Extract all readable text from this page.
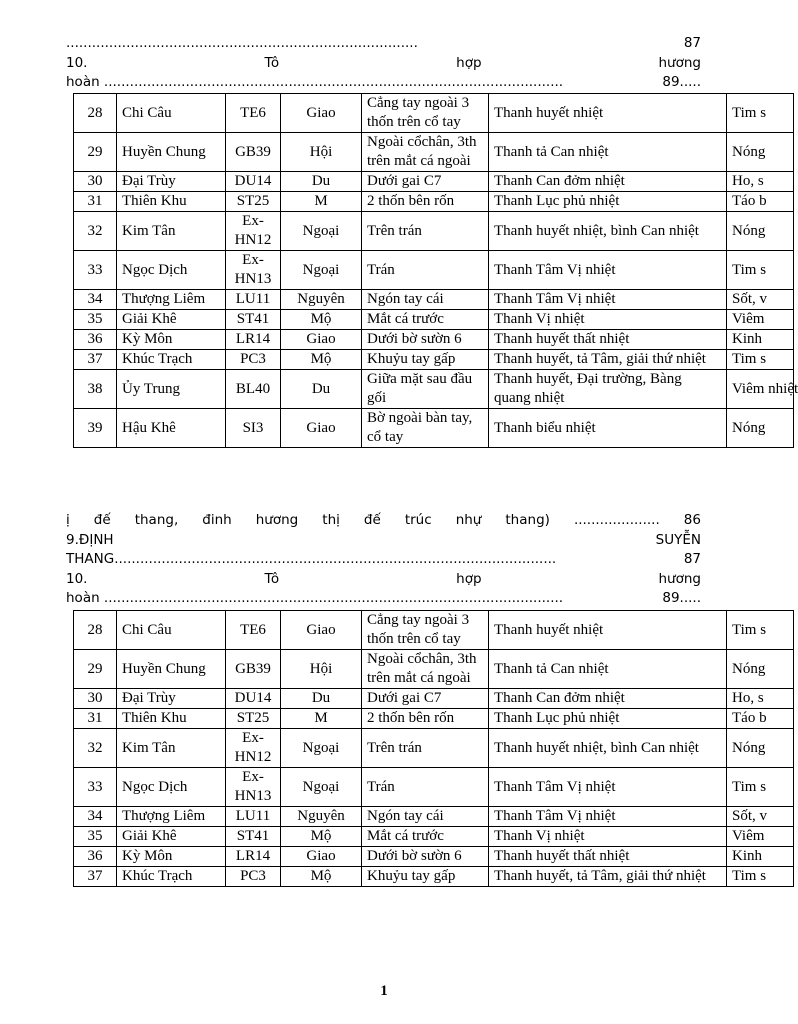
28	Chi Câu	TE6	Giao	Cẳng tay ngoài 3 thốn trên cổ tay	Thanh huyết nhiệt	Tim s
29	Huyền Chung	GB39	Hội	Ngoài cổchân, 3th trên mắt cá ngoài	Thanh tả Can nhiệt	Nóng
30	Đại Trùy	DU14	Du	Dưới gai C7	Thanh Can đởm nhiệt	Ho, s
31	Thiên Khu	ST25	M	2 thốn bên rốn	Thanh Lục phủ nhiệt	Táo b
32	Kim Tân	Ex-HN12	Ngoại	Trên trán	Thanh huyết nhiệt, bình Can nhiệt	Nóng
33	Ngọc Dịch	Ex-HN13	Ngoại	Trán	Thanh Tâm Vị nhiệt	Tim s
34	Thượng Liêm	LU11	Nguyên	Ngón tay cái	Thanh Tâm Vị nhiệt	Sốt, v
35	Giải Khê	ST41	Mộ	Mắt cá trước	Thanh Vị nhiệt	Viêm
36	Kỳ Môn	LR14	Giao	Dưới bờ sườn 6	Thanh huyết thất nhiệt	Kinh
37	Khúc Trạch	PC3	Mộ	Khuỷu tay gấp	Thanh huyết, tả Tâm, giải thứ nhiệt	Tim s
38	Ủy Trung	BL40	Du	Giữa mặt sau đầu gối	Thanh huyết, Đại trường, Bàng quang nhiệt	Viêm nhiệt
39	Hậu Khê	SI3	Giao	Bờ ngoài bàn tay, cổ tay	Thanh biểu nhiệt	Nóng
28	Chi Câu	TE6	Giao	Cẳng tay ngoài 3 thốn trên cổ tay	Thanh huyết nhiệt	Tim s
29	Huyền Chung	GB39	Hội	Ngoài cổchân, 3th trên mắt cá ngoài	Thanh tả Can nhiệt	Nóng
30	Đại Trùy	DU14	Du	Dưới gai C7	Thanh Can đởm nhiệt	Ho, s
31	Thiên Khu	ST25	M	2 thốn bên rốn	Thanh Lục phủ nhiệt	Táo b
32	Kim Tân	Ex-HN12	Ngoại	Trên trán	Thanh huyết nhiệt, bình Can nhiệt	Nóng
33	Ngọc Dịch	Ex-HN13	Ngoại	Trán	Thanh Tâm Vị nhiệt	Tim s
34	Thượng Liêm	LU11	Nguyên	Ngón tay cái	Thanh Tâm Vị nhiệt	Sốt, v
35	Giải Khê	ST41	Mộ	Mắt cá trước	Thanh Vị nhiệt	Viêm
36	Kỳ Môn	LR14	Giao	Dưới bờ sườn 6	Thanh huyết thất nhiệt	Kinh
37	Khúc Trạch	PC3	Mộ	Khuỷu tay gấp	Thanh huyết, tả Tâm, giải thứ nhiệt	Tim s
1
..................................................................................	87
10.	Tô	hợp	hương
hoàn ...........................................................................................................	89.....
ị đế thang, đinh hương thị đế trúc nhự thang) .................... 86
9.ĐỊNH	SUYỄN
THANG.......................................................................................................	87
10.	Tô	hợp	hương
hoàn ...........................................................................................................	89.....
